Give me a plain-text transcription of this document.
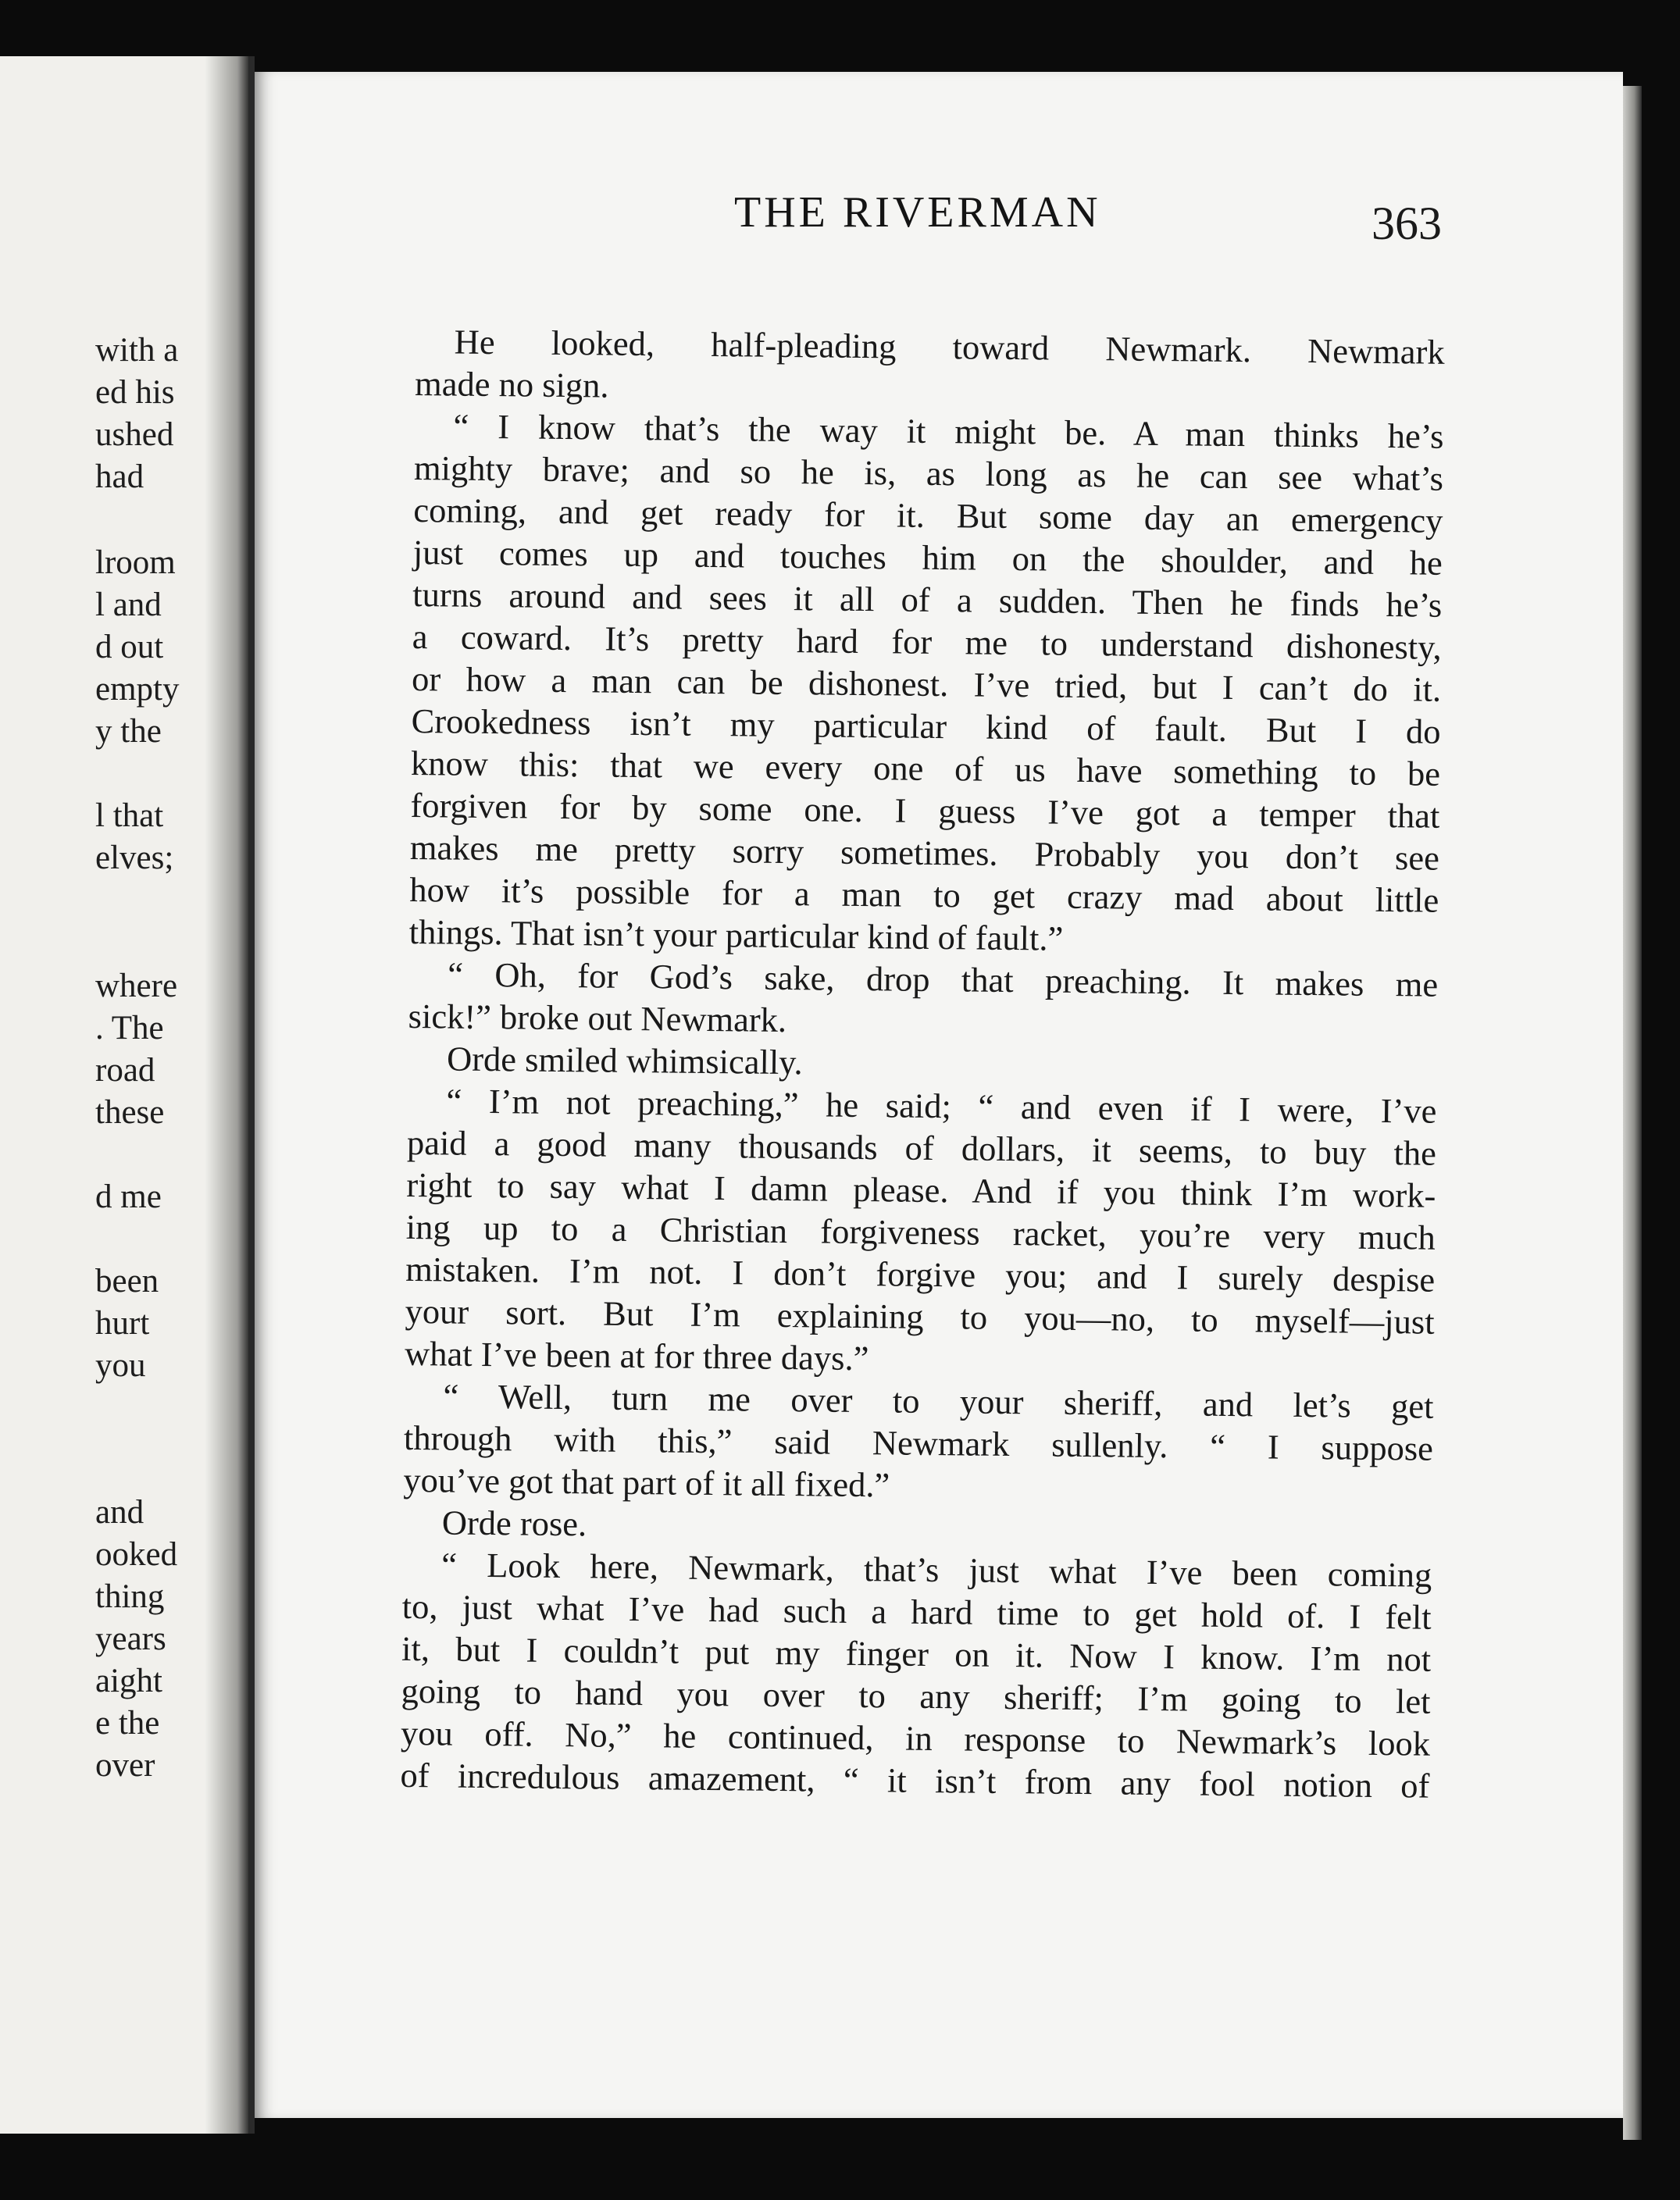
with a
ed his
ushed
had
lroom
l and
d out
empty
y the
l that
elves;
where
. The
road
these
d me
been
hurt
you
and
ooked
thing
years
aight
e the
over
THE RIVERMAN	363
He looked, half-pleading toward Newmark. Newmark
made no sign.
“ I know that’s the way it might be. A man thinks he’s
mighty brave; and so he is, as long as he can see what’s
coming, and get ready for it. But some day an emergency
just comes up and touches him on the shoulder, and he
turns around and sees it all of a sudden. Then he finds he’s
a coward. It’s pretty hard for me to understand dishonesty,
or how a man can be dishonest. I’ve tried, but I can’t do it.
Crookedness isn’t my particular kind of fault. But I do
know this: that we every one of us have something to be
forgiven for by some one. I guess I’ve got a temper that
makes me pretty sorry sometimes. Probably you don’t see
how it’s possible for a man to get crazy mad about little
things. That isn’t your particular kind of fault.”
“ Oh, for God’s sake, drop that preaching. It makes me
sick!” broke out Newmark.
Orde smiled whimsically.
“ I’m not preaching,” he said; “ and even if I were, I’ve
paid a good many thousands of dollars, it seems, to buy the
right to say what I damn please. And if you think I’m work-
ing up to a Christian forgiveness racket, you’re very much
mistaken. I’m not. I don’t forgive you; and I surely despise
your sort. But I’m explaining to you—no, to myself—just
what I’ve been at for three days.”
“ Well, turn me over to your sheriff, and let’s get
through with this,” said Newmark sullenly. “ I suppose
you’ve got that part of it all fixed.”
Orde rose.
“ Look here, Newmark, that’s just what I’ve been coming
to, just what I’ve had such a hard time to get hold of. I felt
it, but I couldn’t put my finger on it. Now I know. I’m not
going to hand you over to any sheriff; I’m going to let
you off. No,” he continued, in response to Newmark’s look
of incredulous amazement, “ it isn’t from any fool notion of
